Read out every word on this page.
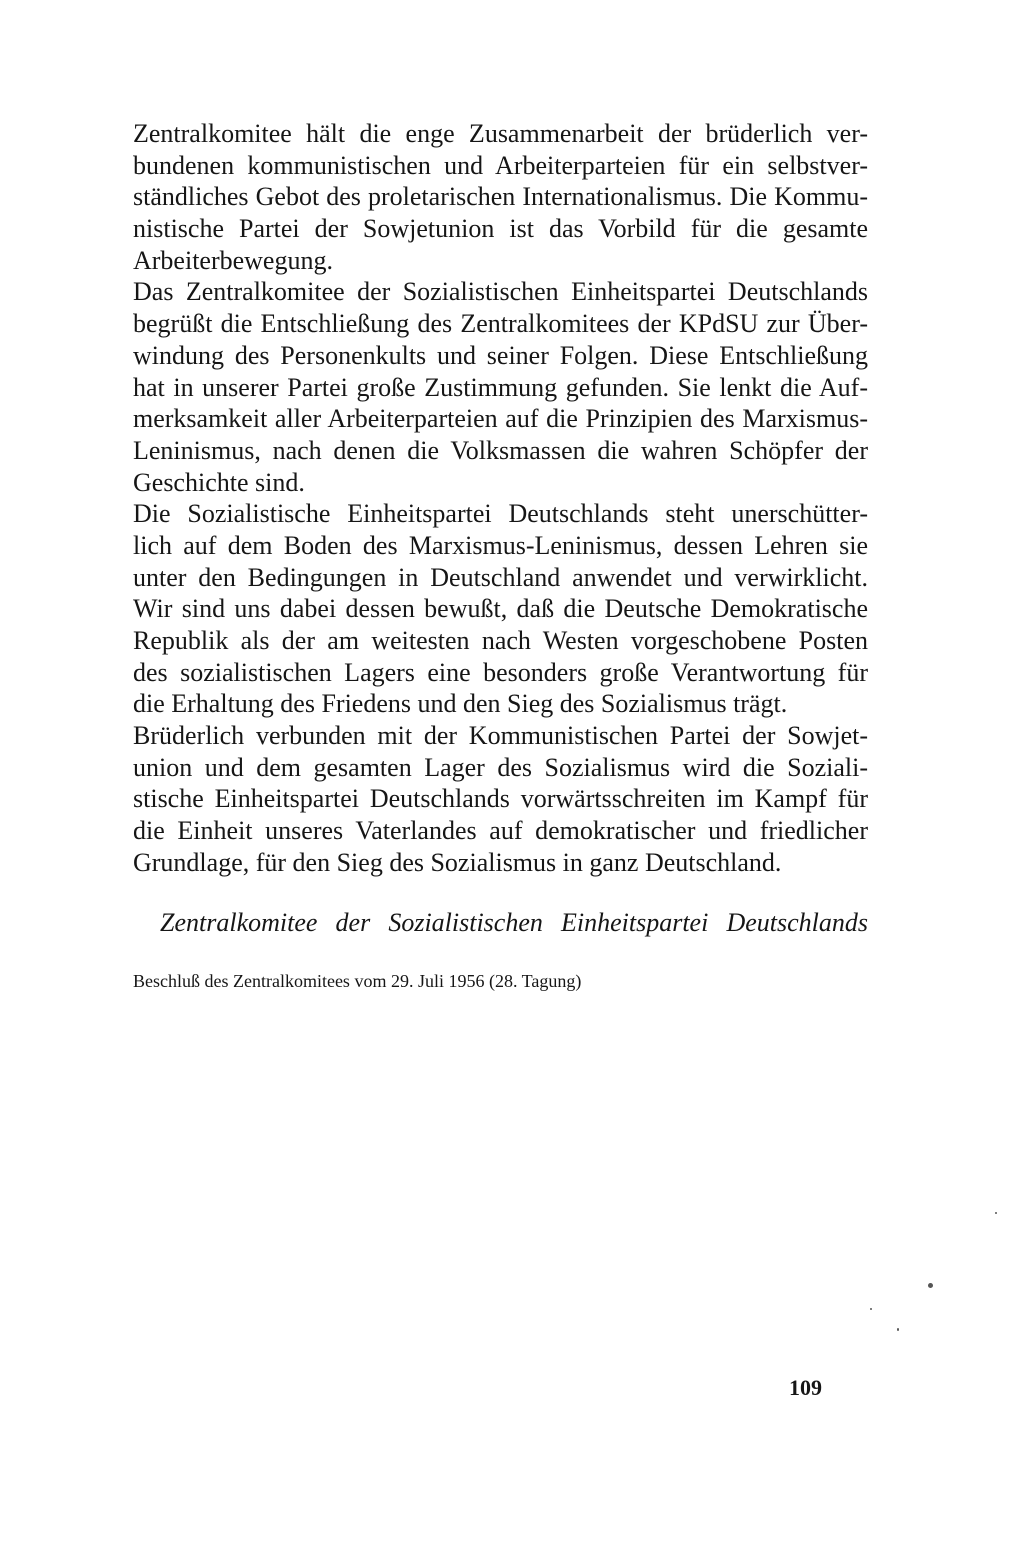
Zentralkomitee hält die enge Zusammenarbeit der brüderlich ver-
bundenen kommunistischen und Arbeiterparteien für ein selbstver-
ständliches Gebot des proletarischen Internationalismus. Die Kommu-
nistische Partei der Sowjetunion ist das Vorbild für die gesamte
Arbeiterbewegung.
Das Zentralkomitee der Sozialistischen Einheitspartei Deutschlands
begrüßt die Entschließung des Zentralkomitees der KPdSU zur Über-
windung des Personenkults und seiner Folgen. Diese Entschließung
hat in unserer Partei große Zustimmung gefunden. Sie lenkt die Auf-
merksamkeit aller Arbeiterparteien auf die Prinzipien des Marxismus-
Leninismus, nach denen die Volksmassen die wahren Schöpfer der
Geschichte sind.
Die Sozialistische Einheitspartei Deutschlands steht unerschütter-
lich auf dem Boden des Marxismus-Leninismus, dessen Lehren sie
unter den Bedingungen in Deutschland anwendet und verwirklicht.
Wir sind uns dabei dessen bewußt, daß die Deutsche Demokratische
Republik als der am weitesten nach Westen vorgeschobene Posten
des sozialistischen Lagers eine besonders große Verantwortung für
die Erhaltung des Friedens und den Sieg des Sozialismus trägt.
Brüderlich verbunden mit der Kommunistischen Partei der Sowjet-
union und dem gesamten Lager des Sozialismus wird die Soziali-
stische Einheitspartei Deutschlands vorwärtsschreiten im Kampf für
die Einheit unseres Vaterlandes auf demokratischer und friedlicher
Grundlage, für den Sieg des Sozialismus in ganz Deutschland.
Zentralkomitee der Sozialistischen Einheitspartei Deutschlands
Beschluß des Zentralkomitees vom 29. Juli 1956 (28. Tagung)
109
